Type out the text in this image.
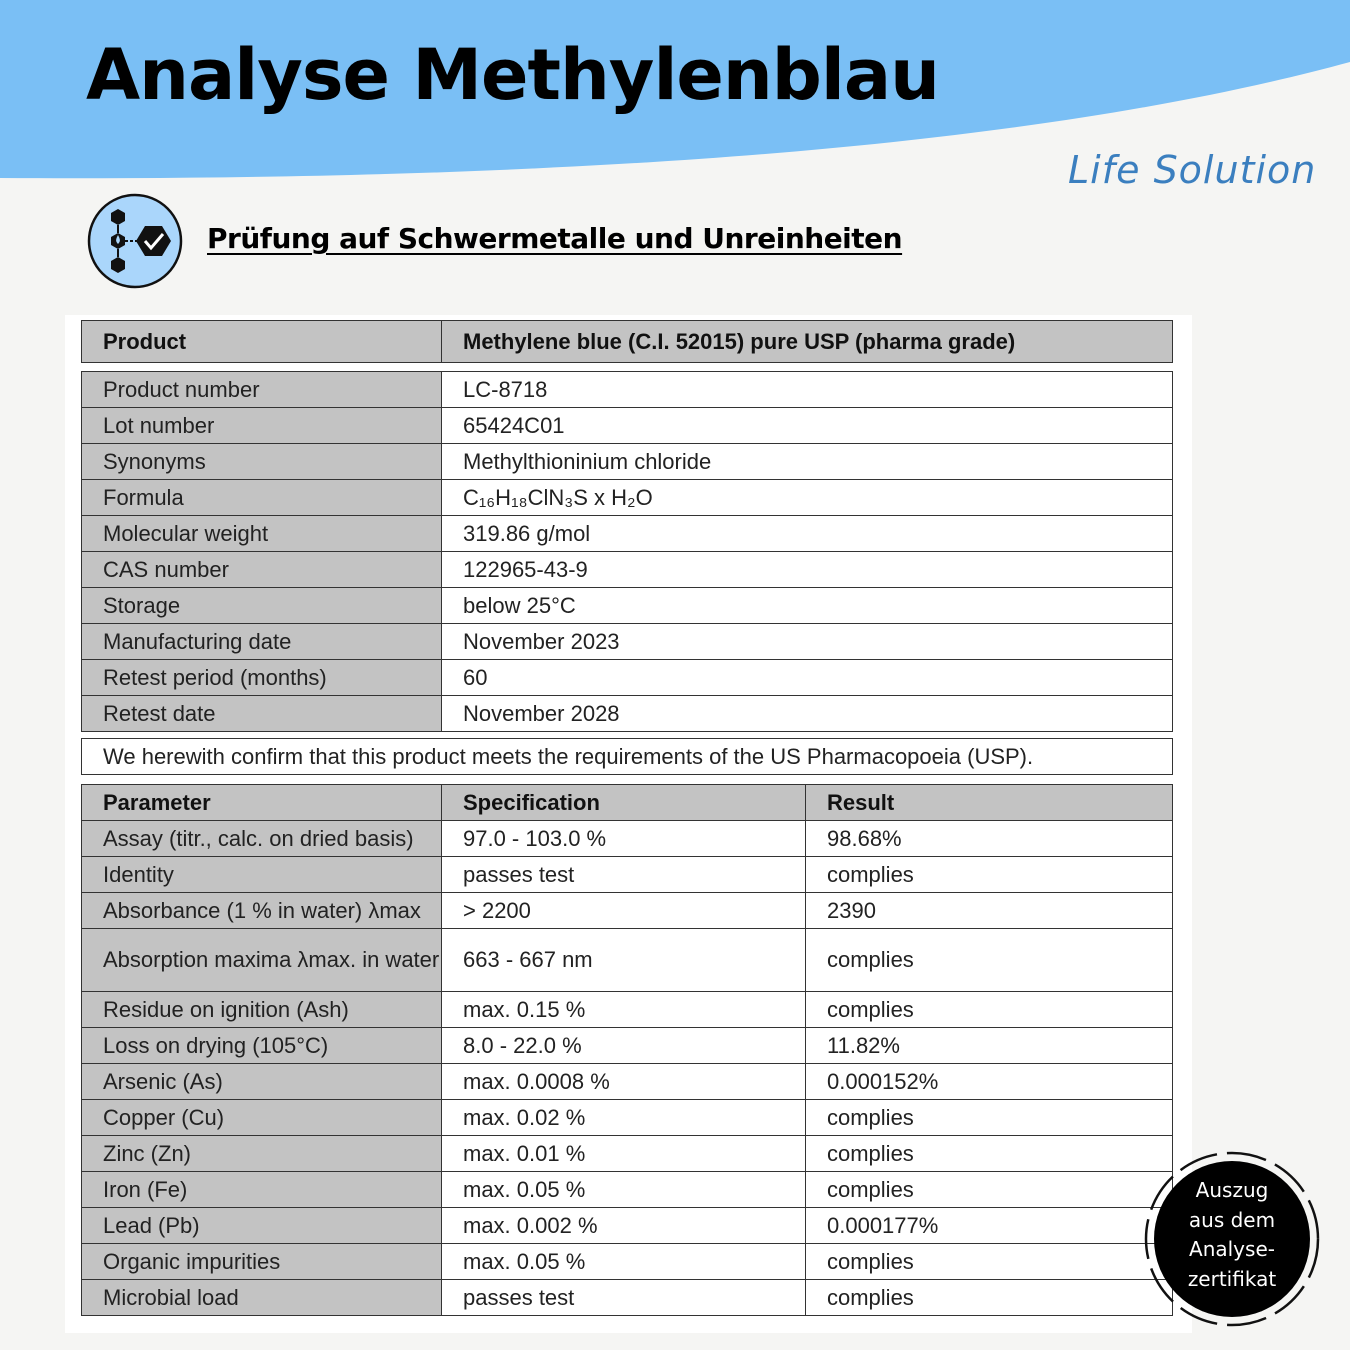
Analyse Methylenblau
Life Solution
Prüfung auf Schwermetalle und Unreinheiten
Product	Methylene blue (C.I. 52015) pure USP (pharma grade)
Product number	LC-8718
Lot number	65424C01
Synonyms	Methylthioninium chloride
Formula	C₁₆H₁₈ClN₃S x H₂O
Molecular weight	319.86 g/mol
CAS number	122965-43-9
Storage	below 25°C
Manufacturing date	November 2023
Retest period (months)	60
Retest date	November 2028
We herewith confirm that this product meets the requirements of the US Pharmacopoeia (USP).
Parameter	Specification	Result
Assay (titr., calc. on dried basis)	97.0 - 103.0 %	98.68%
Identity	passes test	complies
Absorbance (1 % in water) λmax	> 2200	2390
Absorption maxima λmax. in water	663 - 667 nm	complies
Residue on ignition (Ash)	max. 0.15 %	complies
Loss on drying (105°C)	8.0 - 22.0 %	11.82%
Arsenic (As)	max. 0.0008 %	0.000152%
Copper (Cu)	max. 0.02 %	complies
Zinc (Zn)	max. 0.01 %	complies
Iron (Fe)	max. 0.05 %	complies
Lead (Pb)	max. 0.002 %	0.000177%
Organic impurities	max. 0.05 %	complies
Microbial load	passes test	complies
Auszug
aus dem
Analyse-
zertifikat
